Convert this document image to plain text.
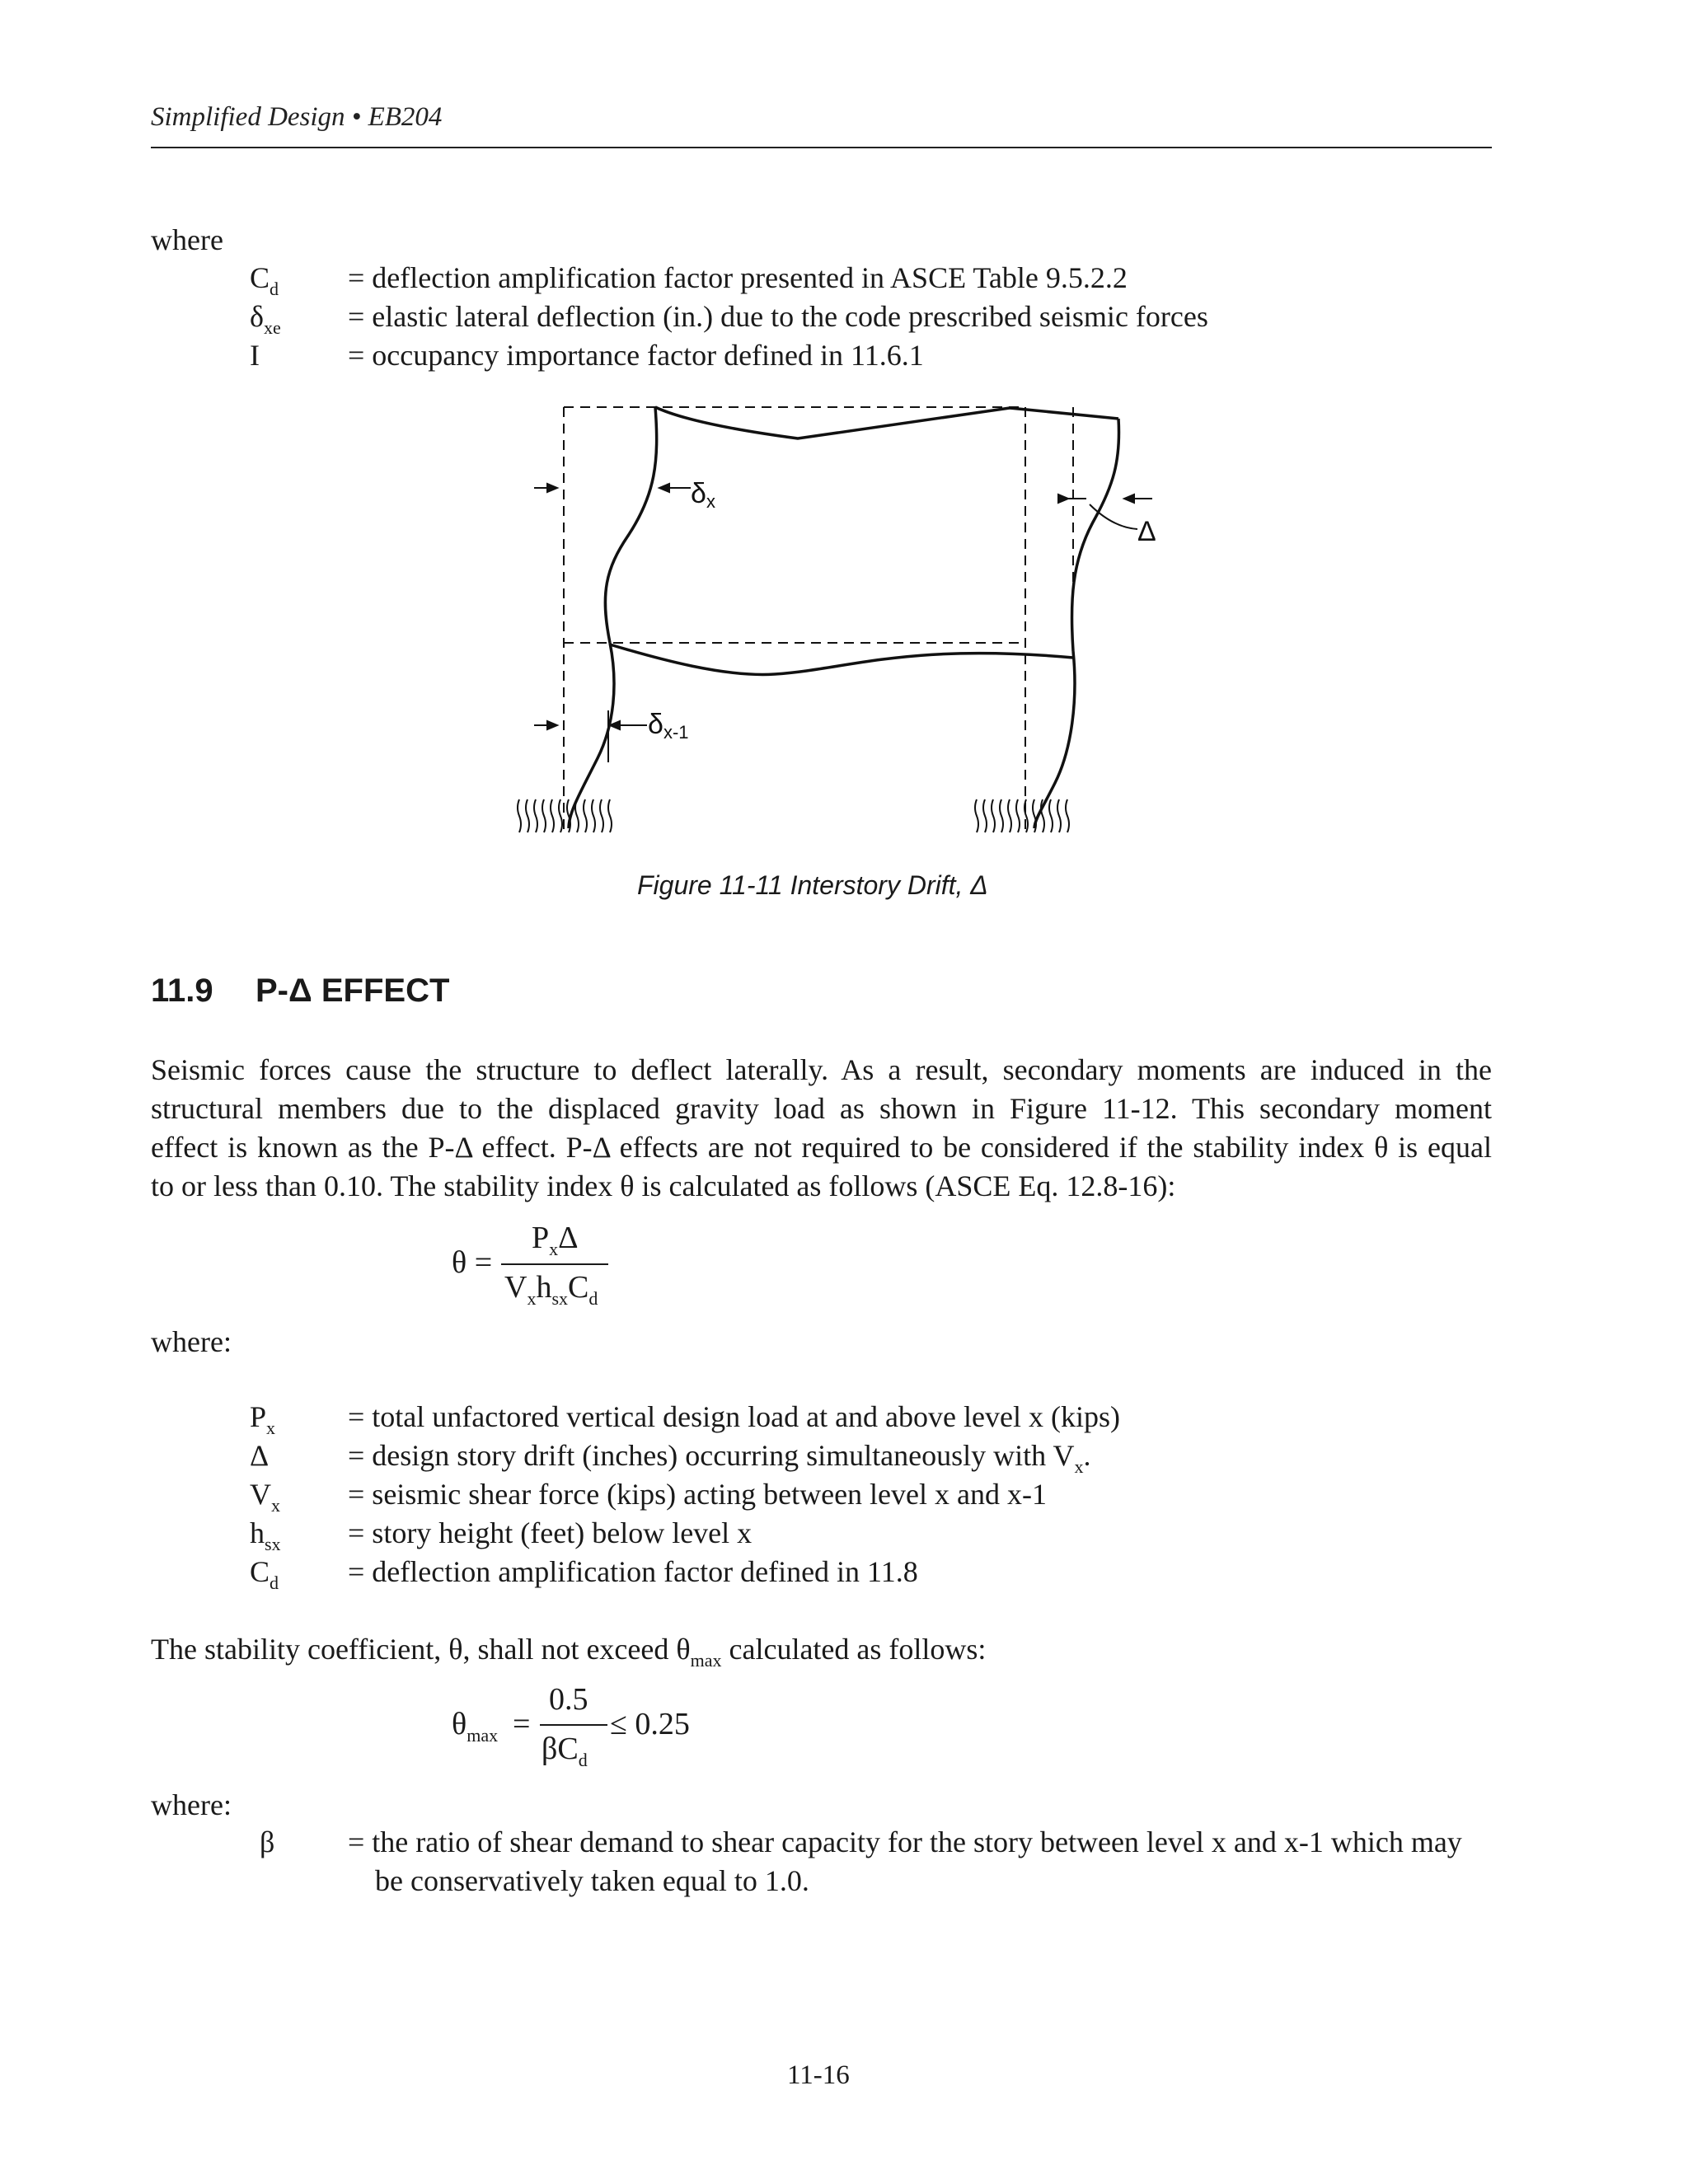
Simplified Design • EB204
where
$C_d$ = deflection amplification factor presented in ASCE Table 9.5.2.2
$\delta_{xe}$ = elastic lateral deflection (in.) due to the code prescribed seismic forces
I	= occupancy importance factor defined in 11.6.1
δx
δx-1
Δ
Figure 11-11 Interstory Drift, Δ
11.9 P-Δ EFFECT
Seismic forces cause the structure to deflect laterally. As a result, secondary moments are induced in the
structural members due to the displaced gravity load as shown in Figure 11-12. This secondary moment
effect is known as the P-Δ effect. P-Δ effects are not required to be considered if the stability index θ is equal
to or less than 0.10. The stability index θ is calculated as follows (ASCE Eq. 12.8-16):
θ =
$P_x\Delta$
$V_xh_{sx}C_d$
where:
$P_x$ = total unfactored vertical design load at and above level x (kips)
Δ	= design story drift (inches) occurring simultaneously with $V_x$.
$V_x$ = seismic shear force (kips) acting between level x and x-1
$h_{sx}$ = story height (feet) below level x
$C_d$ = deflection amplification factor defined in 11.8
The stability coefficient, θ, shall not exceed $\theta_{max}$ calculated as follows:
$\theta_{max}$ =
0.5
$\beta C_d$
≤ 0.25
where:
β = the ratio of shear demand to shear capacity for the story between level x and x-1 which may
be conservatively taken equal to 1.0.
11-16
